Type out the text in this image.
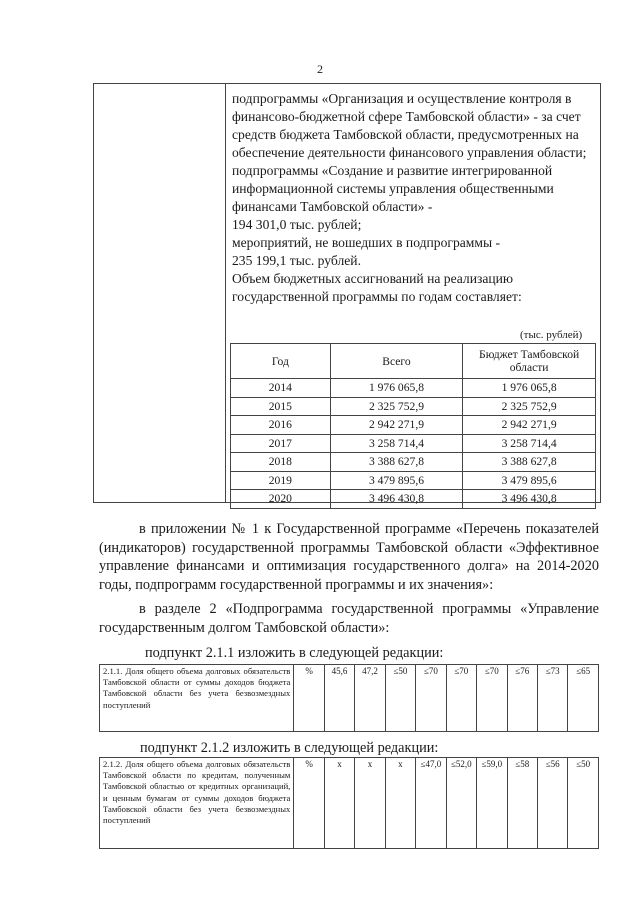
2

подпрограммы «Организация и осуществление контроля в финансово-бюджетной сфере Тамбовской области» - за счет средств бюджета Тамбовской области, предусмотренных на обеспечение деятельности финансового управления области;

подпрограммы «Создание и развитие интегрированной информационной системы управления общественными финансами Тамбовской области» -

194 301,0 тыс. рублей;

мероприятий, не вошедших в подпрограммы -

235 199,1 тыс. рублей.

Объем бюджетных ассигнований на реализацию государственной программы по годам составляет:

(тыс. рублей)
Год	Всего	Бюджет Тамбовской области
2014	1 976 065,8	1 976 065,8
2015	2 325 752,9	2 325 752,9
2016	2 942 271,9	2 942 271,9
2017	3 258 714,4	3 258 714,4
2018	3 388 627,8	3 388 627,8
2019	3 479 895,6	3 479 895,6
2020	3 496 430,8	3 496 430,8
в приложении № 1 к Государственной программе «Перечень показателей (индикаторов) государственной программы Тамбовской области «Эффективное управление финансами и оптимизация государственного долга» на 2014-2020 годы, подпрограмм государственной программы и их значения»:
в разделе 2 «Подпрограмма государственной программы «Управление государственным долгом Тамбовской области»:
подпункт 2.1.1 изложить в следующей редакции:
2.1.1. Доля общего объема долговых обязательств Тамбовской области от суммы доходов бюджета Тамбовской области без учета безвозмездных поступлений	%	45,6	47,2	≤50	≤70	≤70	≤70	≤76	≤73	≤65
подпункт 2.1.2 изложить в следующей редакции:
2.1.2. Доля общего объема долговых обязательств Тамбовской области по кредитам, полученным Тамбовской областью от кредитных организаций, и ценным бумагам от суммы доходов бюджета Тамбовской области без учета безвозмездных поступлений	%	х	х	х	≤47,0	≤52,0	≤59,0	≤58	≤56	≤50
